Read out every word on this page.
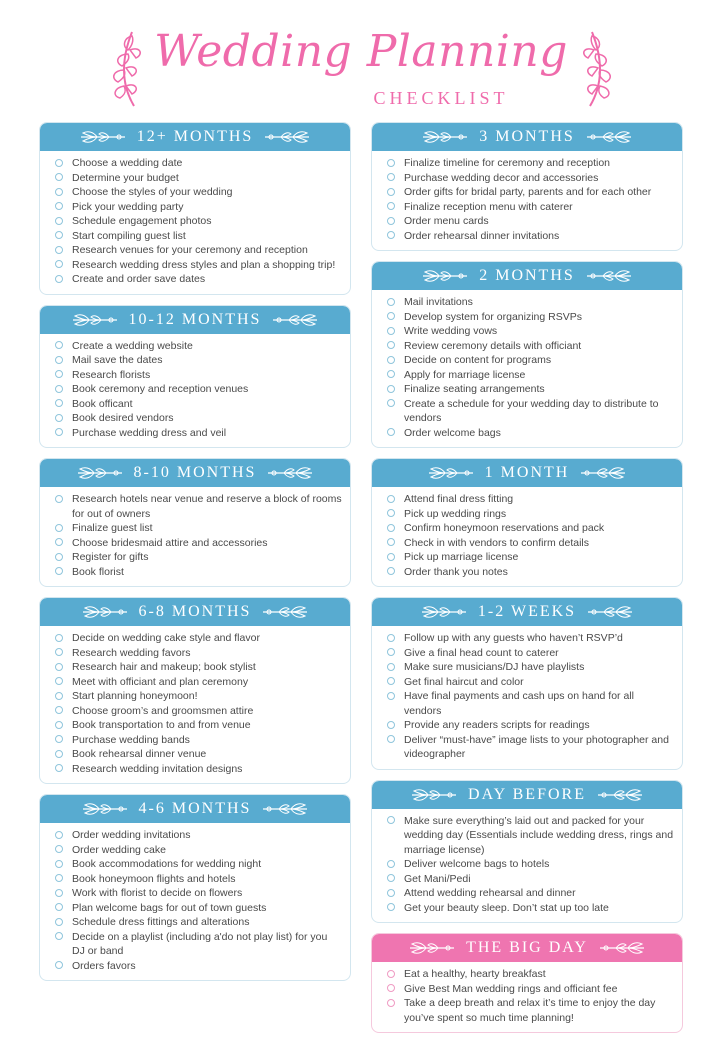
Wedding Planning
CHECKLIST
12+ MONTHS
Choose a wedding date
Determine your budget
Choose the styles of your wedding
Pick your wedding party
Schedule engagement photos
Start compiling guest list
Research venues for your ceremony and reception
Research wedding dress styles and plan a shopping trip!
Create and order save dates
10-12 MONTHS
Create a wedding website
Mail save the dates
Research florists
Book ceremony and reception venues
Book officant
Book desired vendors
Purchase wedding dress and veil
8-10 MONTHS
Research hotels near venue and reserve a block of rooms for out of owners
Finalize guest list
Choose bridesmaid attire and accessories
Register for gifts
Book florist
6-8 MONTHS
Decide on wedding cake style and flavor
Research wedding favors
Research hair and makeup; book stylist
Meet with officiant and plan ceremony
Start planning honeymoon!
Choose groom’s and groomsmen attire
Book transportation to and from venue
Purchase wedding bands
Book rehearsal dinner venue
Research wedding invitation designs
4-6 MONTHS
Order wedding invitations
Order wedding cake
Book accommodations for wedding night
Book honeymoon flights and hotels
Work with florist to decide on flowers
Plan welcome bags for out of town guests
Schedule dress fittings and alterations
Decide on a playlist (including a'do not play list) for you DJ or band
Orders favors
3 MONTHS
Finalize timeline for ceremony and reception
Purchase wedding decor and accessories
Order gifts for bridal party, parents and for each other
Finalize reception menu with caterer
Order menu cards
Order rehearsal dinner invitations
2 MONTHS
Mail invitations
Develop system for organizing RSVPs
Write wedding vows
Review ceremony details with officiant
Decide on content for programs
Apply for marriage license
Finalize seating arrangements
Create a schedule for your wedding day to distribute to vendors
Order welcome bags
1 MONTH
Attend final dress fitting
Pick up wedding rings
Confirm honeymoon reservations and pack
Check in with vendors to confirm details
Pick up marriage license
Order thank you notes
1-2 WEEKS
Follow up with any guests who haven’t RSVP’d
Give a final head count to caterer
Make sure musicians/DJ have playlists
Get final haircut and color
Have final payments and cash ups on hand for all vendors
Provide any readers scripts for readings
Deliver “must-have” image lists to your photographer and videographer
DAY BEFORE
Make sure everything’s laid out and packed for your wedding day (Essentials include wedding dress, rings and marriage license)
Deliver welcome bags to hotels
Get Mani/Pedi
Attend wedding rehearsal and dinner
Get your beauty sleep. Don’t stat up too late
THE BIG DAY
Eat a healthy, hearty breakfast
Give Best Man wedding rings and officiant fee
Take a deep breath and relax it’s time to enjoy the day you’ve spent so much time planning!
